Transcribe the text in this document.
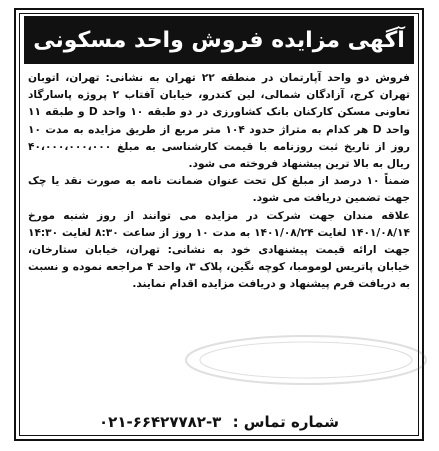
آگهی مزایده فروش واحد مسکونی

فروش دو واحد آپارتمان در منطقه ۲۲ تهران به نشانی: تهران، اتوبان تهران کرج، آزادگان شمالی، لین کندرو، خیابان آفتاب ۲ پروژه پاسارگاد تعاونی مسکن کارکنان بانک کشاورزی در دو طبقه ۱۰ واحد D و طبقه ۱۱ واحد D هر کدام به متراژ حدود ۱۰۴ متر مربع از طریق مزایده به مدت ۱۰ روز از تاریخ ثبت روزنامه با قیمت کارشناسی به مبلغ ۴۰،۰۰۰،۰۰۰،۰۰۰ ریال به بالا ترین پیشنهاد فروخته می شود.

ضمناً ۱۰ درصد از مبلغ کل تحت عنوان ضمانت نامه به صورت نقد یا چک جهت تضمین دریافت می شود.

علاقه مندان جهت شرکت در مزایده می توانند از روز شنبه مورخ ۱۴۰۱/۰۸/۱۴ لغایت ۱۴۰۱/۰۸/۲۴ به مدت ۱۰ روز از ساعت ۸:۳۰ لغایت ۱۴:۳۰ جهت ارائه قیمت پیشنهادی خود به نشانی: تهران، خیابان ستارخان، خیابان پاتریس لومومبا، کوچه نگین، پلاک ۳، واحد ۴ مراجعه نموده و نسبت به دریافت فرم پیشنهاد و دریافت مزایده اقدام نمایند.

شماره تماس : ۰۲۱-۶۶۴۲۷۷۸۲-۳
